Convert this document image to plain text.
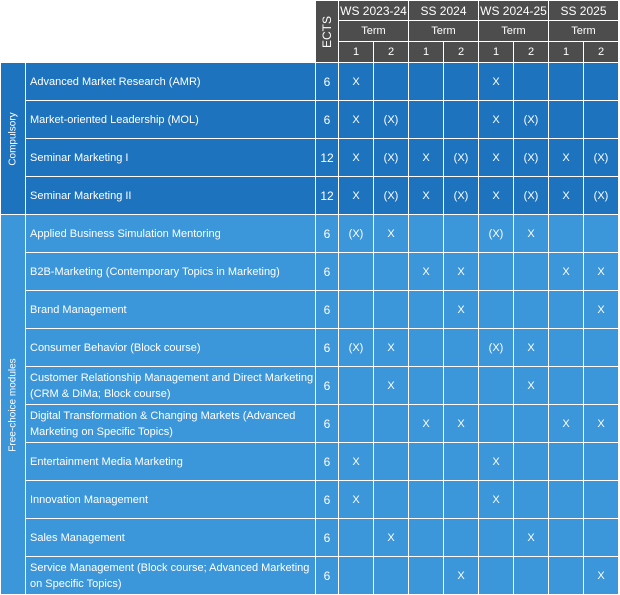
		ECTS	WS 2023-24		SS 2024		WS 2024-25		SS 2025	
			Term		Term		Term		Term	
			1	2	1	2	1	2	1	2

Compulsory	Advanced Market Research (AMR)	6	X				X			
	Market-oriented Leadership (MOL)	6	X	(X)			X	(X)		
	Seminar Marketing I	12	X	(X)	X	(X)	X	(X)	X	(X)
	Seminar Marketing II	12	X	(X)	X	(X)	X	(X)	X	(X)

Free-choice modules	Applied Business Simulation Mentoring	6	(X)	X			(X)	X		
	B2B-Marketing (Contemporary Topics in Marketing)	6			X	X			X	X
	Brand Management	6				X				X
	Consumer Behavior (Block course)	6	(X)	X			(X)	X		
	Customer Relationship Management and Direct Marketing (CRM & DiMa; Block course)	6		X				X		
	Digital Transformation & Changing Markets (Advanced Marketing on Specific Topics)	6			X	X			X	X
	Entertainment Media Marketing	6	X				X			
	Innovation Management	6	X				X			
	Sales Management	6		X				X		
	Service Management (Block course; Advanced Marketing on Specific Topics)	6				X				X
